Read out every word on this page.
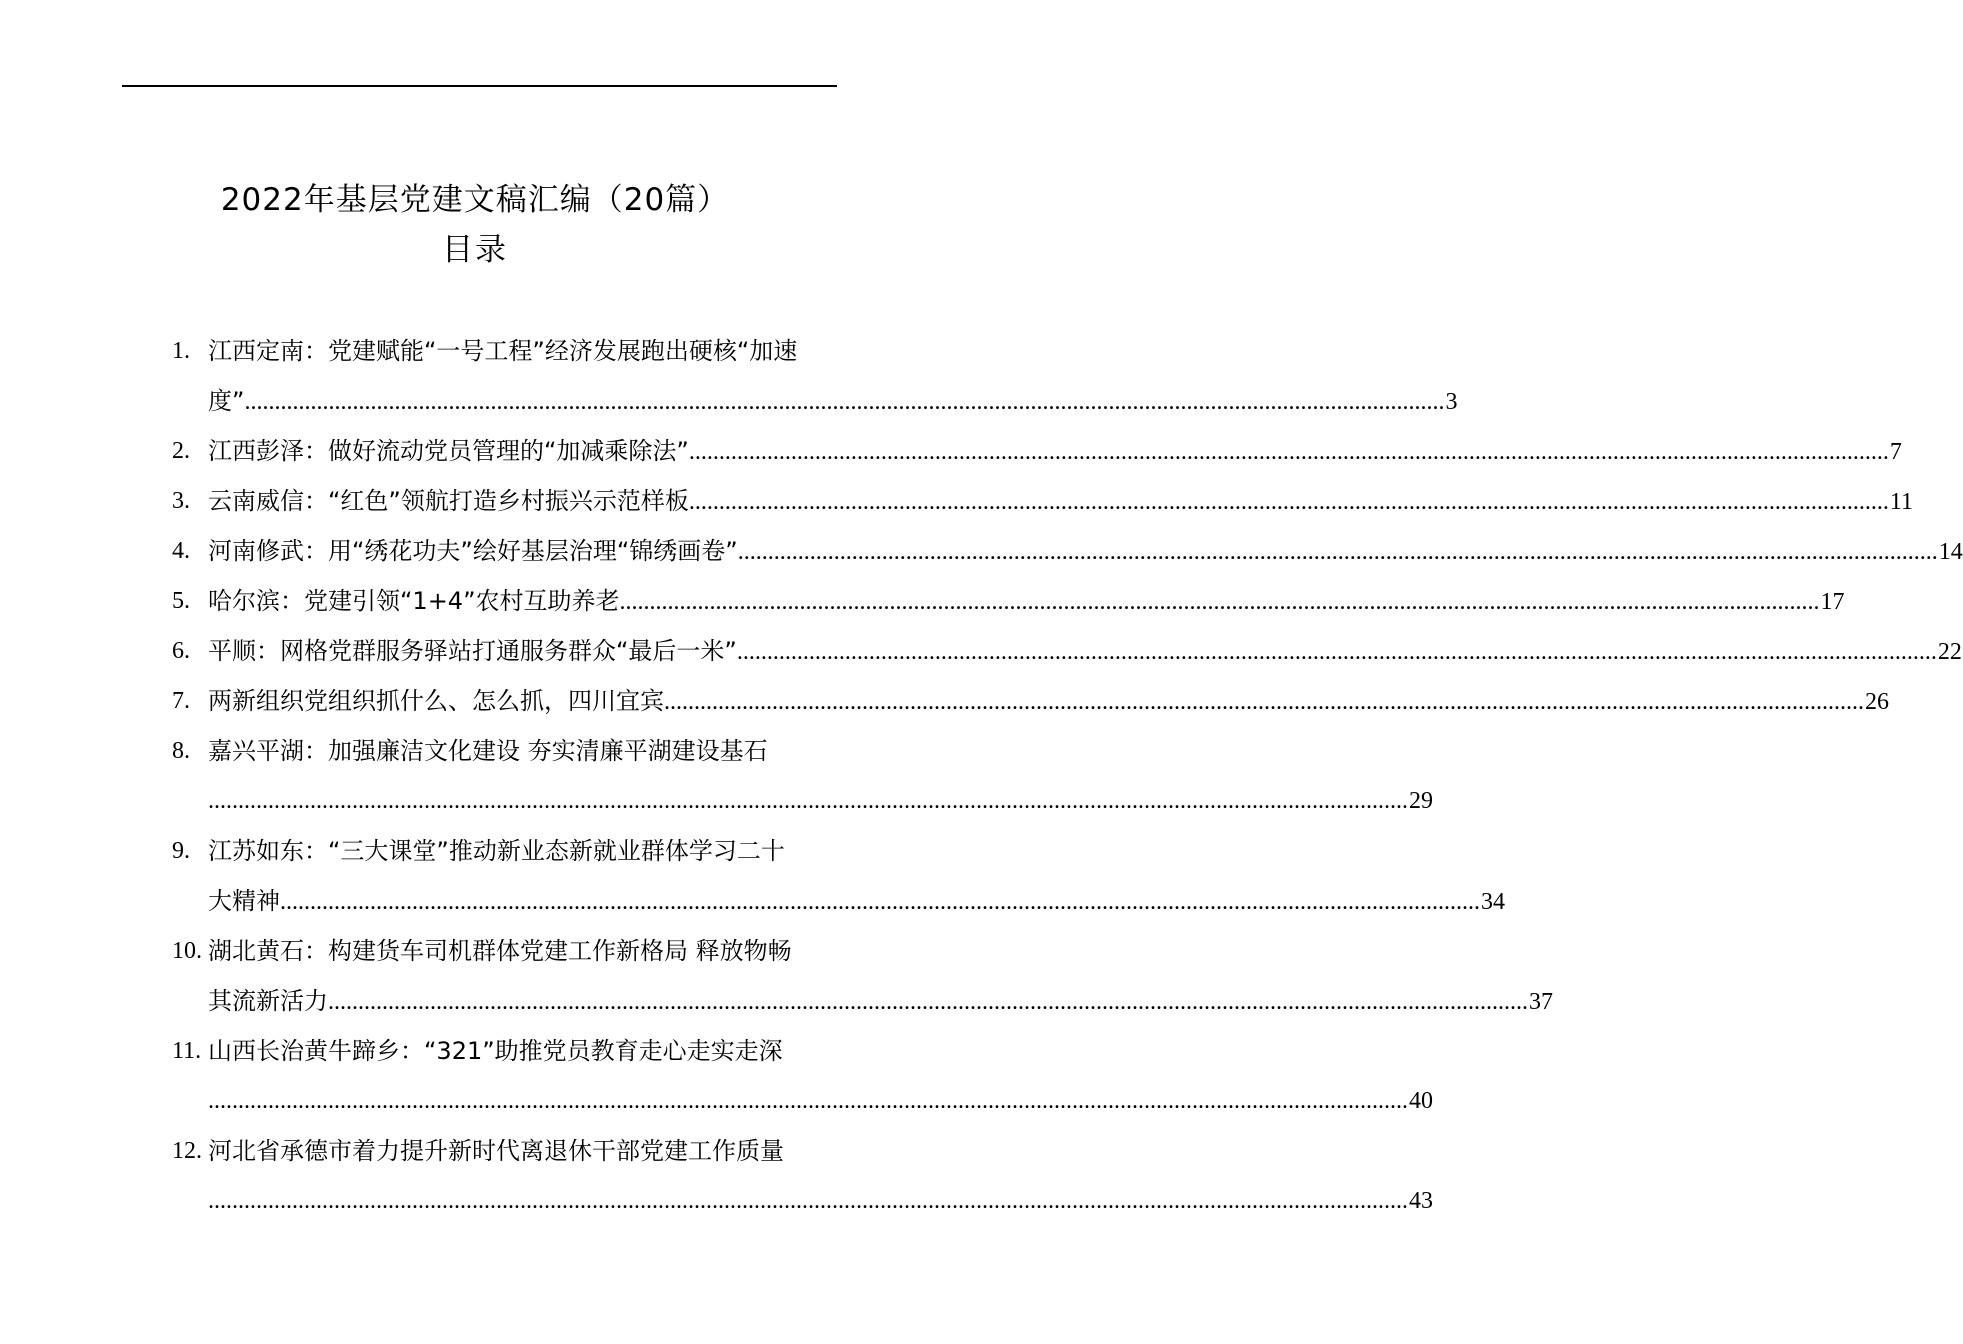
2022年基层党建文稿汇编（20篇）
目录
1. 江西定南：党建赋能“一号工程”经济发展跑出硬核“加速
度” ........................................................................................................................................................................................................ 3
2. 江西彭泽：做好流动党员管理的“加减乘除法” ........................................................................................................................................................................................................ 7
3. 云南威信：“红色”领航打造乡村振兴示范样板 ........................................................................................................................................................................................................ 11
4. 河南修武：用“绣花功夫”绘好基层治理“锦绣画卷” ........................................................................................................................................................................................................ 14
5. 哈尔滨：党建引领“1+4”农村互助养老 ........................................................................................................................................................................................................ 17
6. 平顺：网格党群服务驿站打通服务群众“最后一米” ........................................................................................................................................................................................................ 22
7. 两新组织党组织抓什么、怎么抓，四川宜宾 ........................................................................................................................................................................................................ 26
8. 嘉兴平湖：加强廉洁文化建设 夯实清廉平湖建设基石
........................................................................................................................................................................................................ 29
9. 江苏如东：“三大课堂”推动新业态新就业群体学习二十
大精神 ........................................................................................................................................................................................................ 34
10. 湖北黄石：构建货车司机群体党建工作新格局 释放物畅
其流新活力 ........................................................................................................................................................................................................ 37
11. 山西长治黄牛蹄乡：“321”助推党员教育走心走实走深
........................................................................................................................................................................................................ 40
12. 河北省承德市着力提升新时代离退休干部党建工作质量
........................................................................................................................................................................................................ 43
